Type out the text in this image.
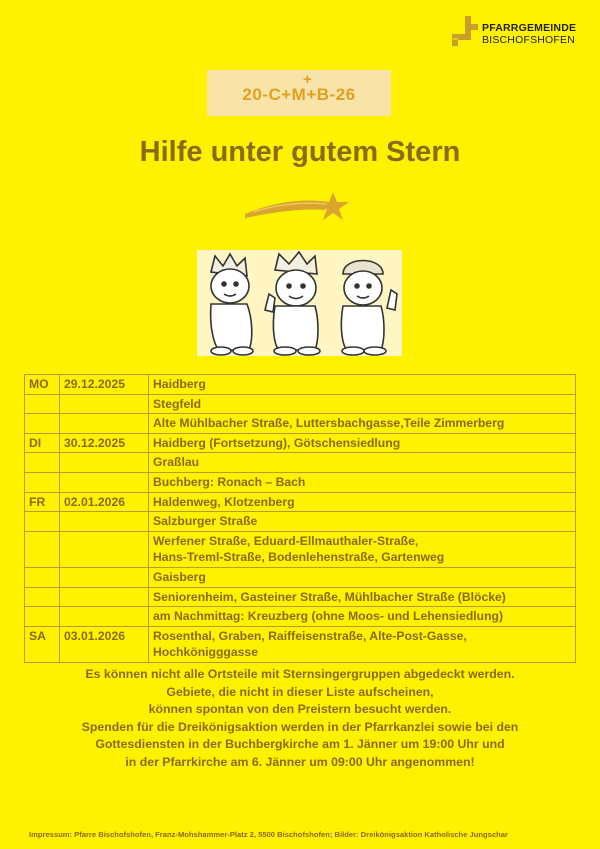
PFARRGEMEINDE
BISCHOFSHOFEN
+
20-C+M+B-26
Hilfe unter gutem Stern
MO	29.12.2025	Haidberg

		Stegfeld

		Alte Mühlbacher Straße, Luttersbachgasse,Teile Zimmerberg

DI	30.12.2025	Haidberg (Fortsetzung), Götschensiedlung

		Graßlau

		Buchberg: Ronach – Bach

FR	02.01.2026	Haldenweg, Klotzenberg

		Salzburger Straße

		Werfener Straße, Eduard-Ellmauthaler-Straße,
Hans-Treml-Straße, Bodenlehenstraße, Gartenweg

		Gaisberg

		Seniorenheim, Gasteiner Straße, Mühlbacher Straße (Blöcke)

		am Nachmittag: Kreuzberg (ohne Moos- und Lehensiedlung)

SA	03.01.2026	Rosenthal, Graben, Raiffeisenstraße, Alte-Post-Gasse,
Hochkönigggasse
Es können nicht alle Ortsteile mit Sternsingergruppen abgedeckt werden.
Gebiete, die nicht in dieser Liste aufscheinen,
können spontan von den Preistern besucht werden.
Spenden für die Dreikönigsaktion werden in der Pfarrkanzlei sowie bei den
Gottesdiensten in der Buchbergkirche am 1. Jänner um 19:00 Uhr und
in der Pfarrkirche am 6. Jänner um 09:00 Uhr angenommen!
Impressum: Pfarre Bischofshofen, Franz-Mohshammer-Platz 2, 5500 Bischofshofen; Bilder: Dreikönigsaktion Katholische Jungschar
